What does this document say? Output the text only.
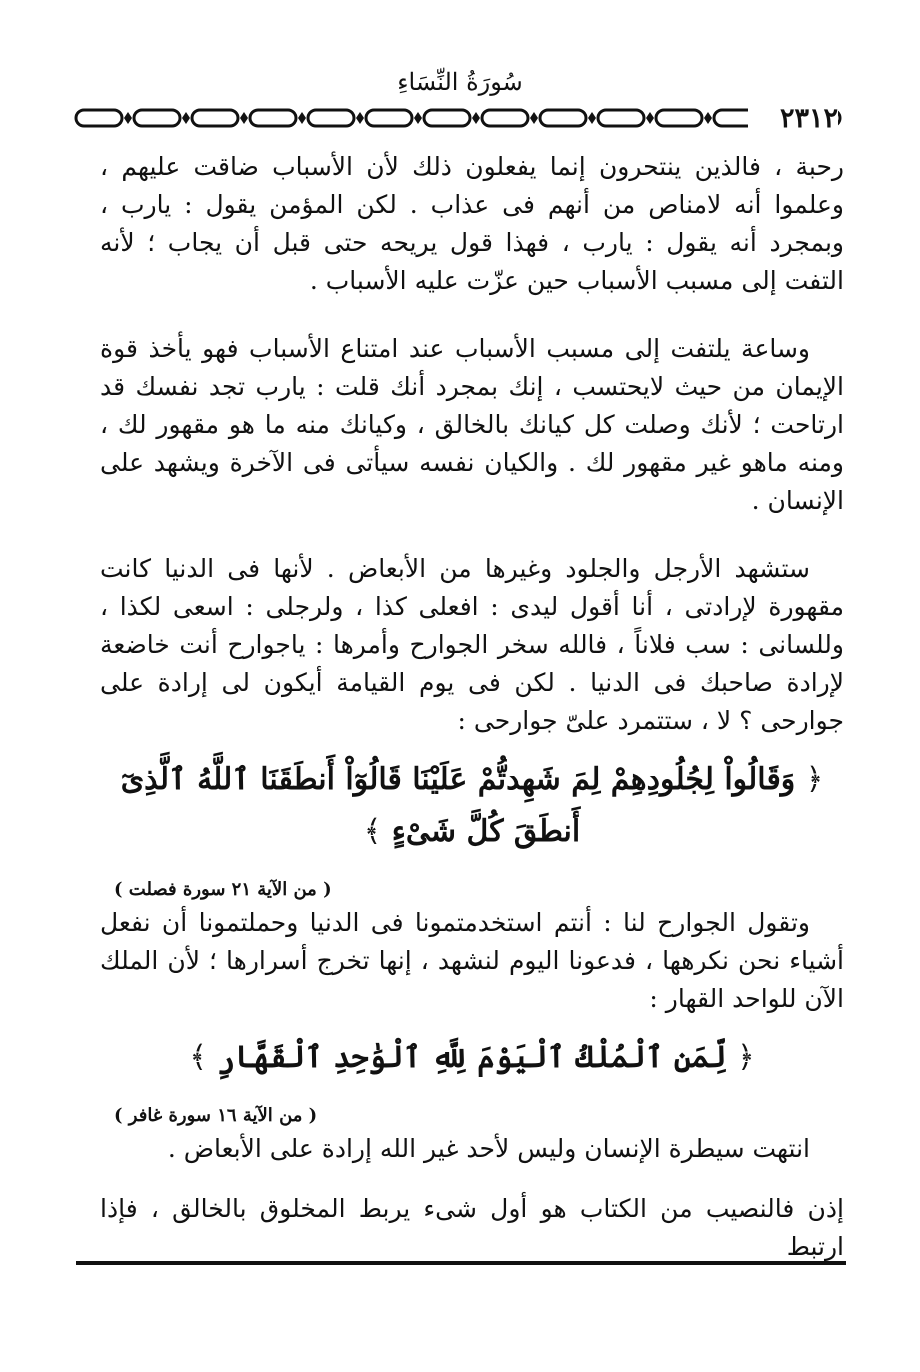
سُورَةُ النِّسَاءِ
٢٣١٢

رحبة ، فالذين ينتحرون إنما يفعلون ذلك لأن الأسباب ضاقت عليهم ، وعلموا أنه لامناص من أنهم فى عذاب . لكن المؤمن يقول : يارب ، وبمجرد أنه يقول : يارب ، فهذا قول يريحه حتى قبل أن يجاب ؛ لأنه التفت إلى مسبب الأسباب حين عزّت عليه الأسباب .

وساعة يلتفت إلى مسبب الأسباب عند امتناع الأسباب فهو يأخذ قوة الإيمان من حيث لايحتسب ، إنك بمجرد أنك قلت : يارب تجد نفسك قد ارتاحت ؛ لأنك وصلت كل كيانك بالخالق ، وكيانك منه ما هو مقهور لك ، ومنه ماهو غير مقهور لك . والكيان نفسه سيأتى فى الآخرة ويشهد على الإنسان .

ستشهد الأرجل والجلود وغيرها من الأبعاض . لأنها فى الدنيا كانت مقهورة لإرادتى ، أنا أقول ليدى : افعلى كذا ، ولرجلى : اسعى لكذا ، وللسانى : سب فلاناً ، فالله سخر الجوارح وأمرها : ياجوارح أنت خاضعة لإرادة صاحبك فى الدنيا . لكن فى يوم القيامة أيكون لى إرادة على جوارحى ؟ لا ، ستتمرد علىّ جوارحى :

﴿ وَقَالُواْ لِجُلُودِهِمْ لِمَ شَهِدتُّمْ عَلَيْنَا قَالُوٓاْ أَنطَقَنَا ٱللَّهُ ٱلَّذِىٓ أَنطَقَ كُلَّ شَىْءٍ ﴾
( من الآية ٢١ سورة فصلت )

وتقول الجوارح لنا : أنتم استخدمتمونا فى الدنيا وحملتمونا أن نفعل أشياء نحن نكرهها ، فدعونا اليوم لنشهد ، إنها تخرج أسرارها ؛ لأن الملك الآن للواحد القهار :

﴿ لِّمَنِ ٱلْمُلْكُ ٱلْيَوْمَ لِلَّهِ ٱلْوَٰحِدِ ٱلْقَهَّارِ ﴾
( من الآية ١٦ سورة غافر )

انتهت سيطرة الإنسان وليس لأحد غير الله إرادة على الأبعاض .

إذن فالنصيب من الكتاب هو أول شىء يربط المخلوق بالخالق ، فإذا ارتبط
